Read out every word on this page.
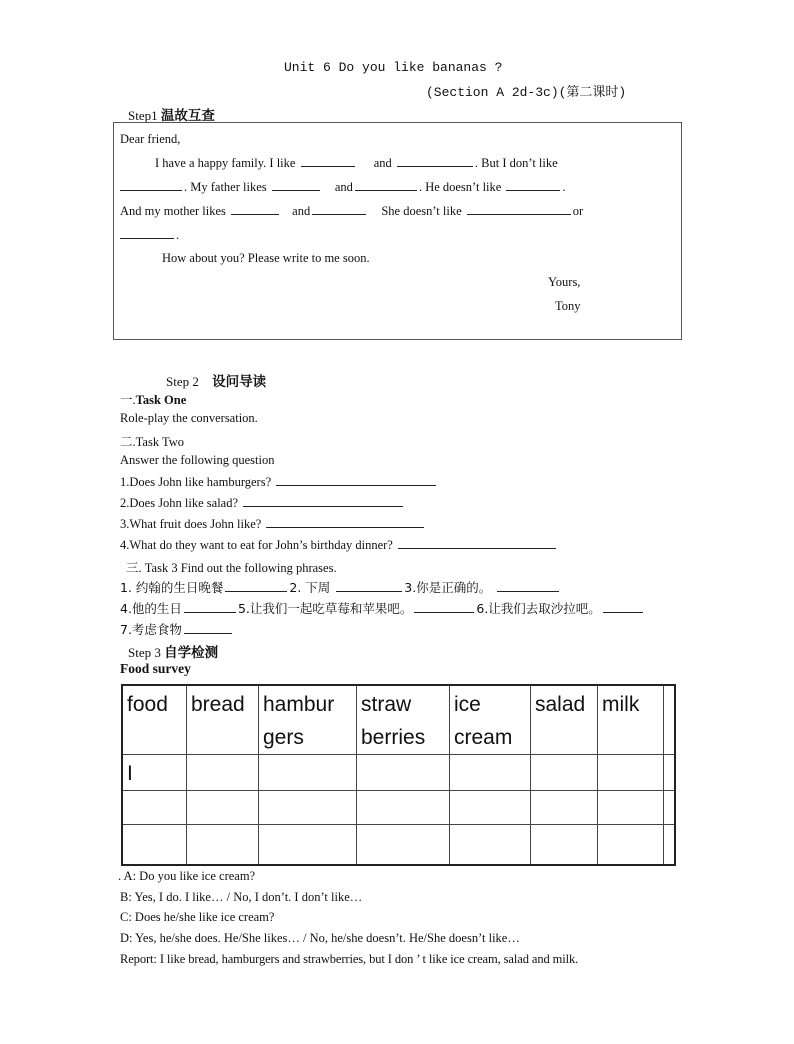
Unit 6 Do you like bananas ?
(Section A 2d-3c)(第二课时)
Step1 温故互查
Dear friend,
I have a happy family. I like	and	. But I don’t like
. My father likes	and	. He doesn’t like	.
And my mother likes	and	She doesn’t like	or
.
How about you? Please write to me soon.
Yours,
Tony
Step 2 设问导读
一.Task One
Role-play the conversation.
二.Task Two
Answer the following question
1.Does John like hamburgers?
2.Does John like salad?
3.What fruit does John like?
4.What do they want to eat for John’s birthday dinner?
三. Task 3 Find out the following phrases.
1. 约翰的生日晚餐	2. 下周	3.你是正确的。
4.他的生日	5.让我们一起吃草莓和苹果吧。	6.让我们去取沙拉吧。
7.考虑食物
Step 3 自学检测
Food survey
food	bread	hambur gers	straw berries	ice cream	salad	milk	
I							

. A: Do you like ice cream?
B: Yes, I do. I like… / No, I don’t. I don’t like…
C: Does he/she like ice cream?
D: Yes, he/she does. He/She likes… / No, he/she doesn’t. He/She doesn’t like…
Report: I like bread, hamburgers and strawberries, but I don ’ t like ice cream, salad and milk.
